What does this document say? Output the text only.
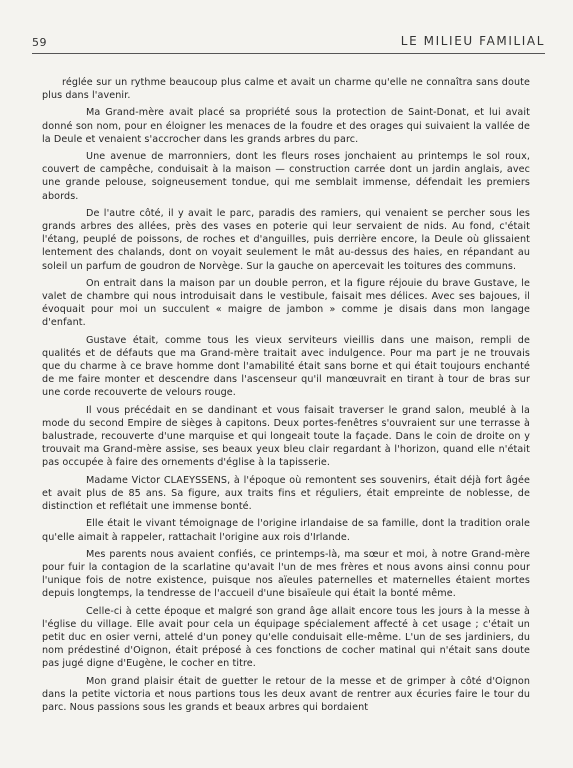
59	LE MILIEU FAMILIAL

réglée sur un rythme beaucoup plus calme et avait un charme qu'elle ne connaîtra sans doute plus dans l'avenir.

Ma Grand-mère avait placé sa propriété sous la protection de Saint-Donat, et lui avait donné son nom, pour en éloigner les menaces de la foudre et des orages qui suivaient la vallée de la Deule et venaient s'accrocher dans les grands arbres du parc.

Une avenue de marronniers, dont les fleurs roses jonchaient au printemps le sol roux, couvert de campêche, conduisait à la maison — construction carrée dont un jardin anglais, avec une grande pelouse, soigneusement tondue, qui me semblait immense, défendait les premiers abords.

De l'autre côté, il y avait le parc, paradis des ramiers, qui venaient se percher sous les grands arbres des allées, près des vases en poterie qui leur servaient de nids. Au fond, c'était l'étang, peuplé de poissons, de roches et d'anguilles, puis derrière encore, la Deule où glissaient lentement des chalands, dont on voyait seulement le mât au-dessus des haies, en répandant au soleil un parfum de goudron de Norvège. Sur la gauche on apercevait les toitures des communs.

On entrait dans la maison par un double perron, et la figure réjouie du brave Gustave, le valet de chambre qui nous introduisait dans le vestibule, faisait mes délices. Avec ses bajoues, il évoquait pour moi un succulent « maigre de jambon » comme je disais dans mon langage d'enfant.

Gustave était, comme tous les vieux serviteurs vieillis dans une maison, rempli de qualités et de défauts que ma Grand-mère traitait avec indulgence. Pour ma part je ne trouvais que du charme à ce brave homme dont l'amabilité était sans borne et qui était toujours enchanté de me faire monter et descendre dans l'ascenseur qu'il manœuvrait en tirant à tour de bras sur une corde recouverte de velours rouge.

Il vous précédait en se dandinant et vous faisait traverser le grand salon, meublé à la mode du second Empire de sièges à capitons. Deux portes-fenêtres s'ouvraient sur une terrasse à balustrade, recouverte d'une marquise et qui longeait toute la façade. Dans le coin de droite on y trouvait ma Grand-mère assise, ses beaux yeux bleu clair regardant à l'horizon, quand elle n'était pas occupée à faire des ornements d'église à la tapisserie.

Madame Victor CLAEYSSENS, à l'époque où remontent ses souvenirs, était déjà fort âgée et avait plus de 85 ans. Sa figure, aux traits fins et réguliers, était empreinte de noblesse, de distinction et reflétait une immense bonté.

Elle était le vivant témoignage de l'origine irlandaise de sa famille, dont la tradition orale qu'elle aimait à rappeler, rattachait l'origine aux rois d'Irlande.

Mes parents nous avaient confiés, ce printemps-là, ma sœur et moi, à notre Grand-mère pour fuir la contagion de la scarlatine qu'avait l'un de mes frères et nous avons ainsi connu pour l'unique fois de notre existence, puisque nos aïeules paternelles et maternelles étaient mortes depuis longtemps, la tendresse de l'accueil d'une bisaïeule qui était la bonté même.

Celle-ci à cette époque et malgré son grand âge allait encore tous les jours à la messe à l'église du village. Elle avait pour cela un équipage spécialement affecté à cet usage ; c'était un petit duc en osier verni, attelé d'un poney qu'elle conduisait elle-même. L'un de ses jardiniers, du nom prédestiné d'Oignon, était préposé à ces fonctions de cocher matinal qui n'était sans doute pas jugé digne d'Eugène, le cocher en titre.

Mon grand plaisir était de guetter le retour de la messe et de grimper à côté d'Oignon dans la petite victoria et nous partions tous les deux avant de rentrer aux écuries faire le tour du parc. Nous passions sous les grands et beaux arbres qui bordaient
